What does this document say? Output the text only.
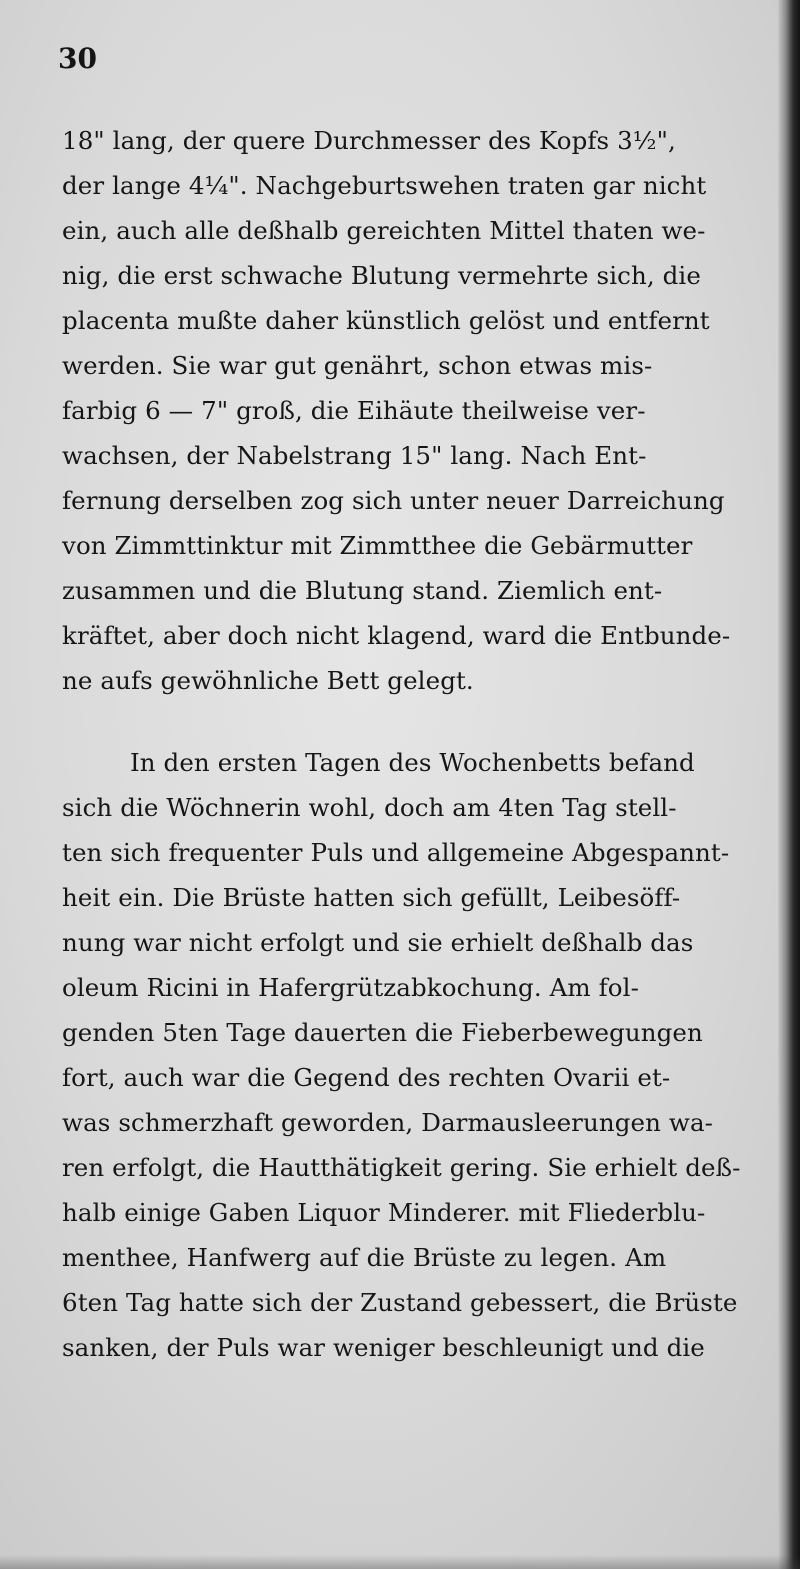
30
18" lang, der quere Durchmesser des Kopfs 3½",
der lange 4¼". Nachgeburtswehen traten gar nicht
ein, auch alle deßhalb gereichten Mittel thaten we-
nig, die erst schwache Blutung vermehrte sich, die
placenta mußte daher künstlich gelöst und entfernt
werden. Sie war gut genährt, schon etwas mis-
farbig 6 — 7" groß, die Eihäute theilweise ver-
wachsen, der Nabelstrang 15" lang. Nach Ent-
fernung derselben zog sich unter neuer Darreichung
von Zimmttinktur mit Zimmtthee die Gebärmutter
zusammen und die Blutung stand. Ziemlich ent-
kräftet, aber doch nicht klagend, ward die Entbunde-
ne aufs gewöhnliche Bett gelegt.
In den ersten Tagen des Wochenbetts befand
sich die Wöchnerin wohl, doch am 4ten Tag stell-
ten sich frequenter Puls und allgemeine Abgespannt-
heit ein. Die Brüste hatten sich gefüllt, Leibesöff-
nung war nicht erfolgt und sie erhielt deßhalb das
oleum Ricini in Hafergrützabkochung. Am fol-
genden 5ten Tage dauerten die Fieberbewegungen
fort, auch war die Gegend des rechten Ovarii et-
was schmerzhaft geworden, Darmausleerungen wa-
ren erfolgt, die Hautthätigkeit gering. Sie erhielt deß-
halb einige Gaben Liquor Minderer. mit Fliederblu-
menthee, Hanfwerg auf die Brüste zu legen. Am
6ten Tag hatte sich der Zustand gebessert, die Brüste
sanken, der Puls war weniger beschleunigt und die
